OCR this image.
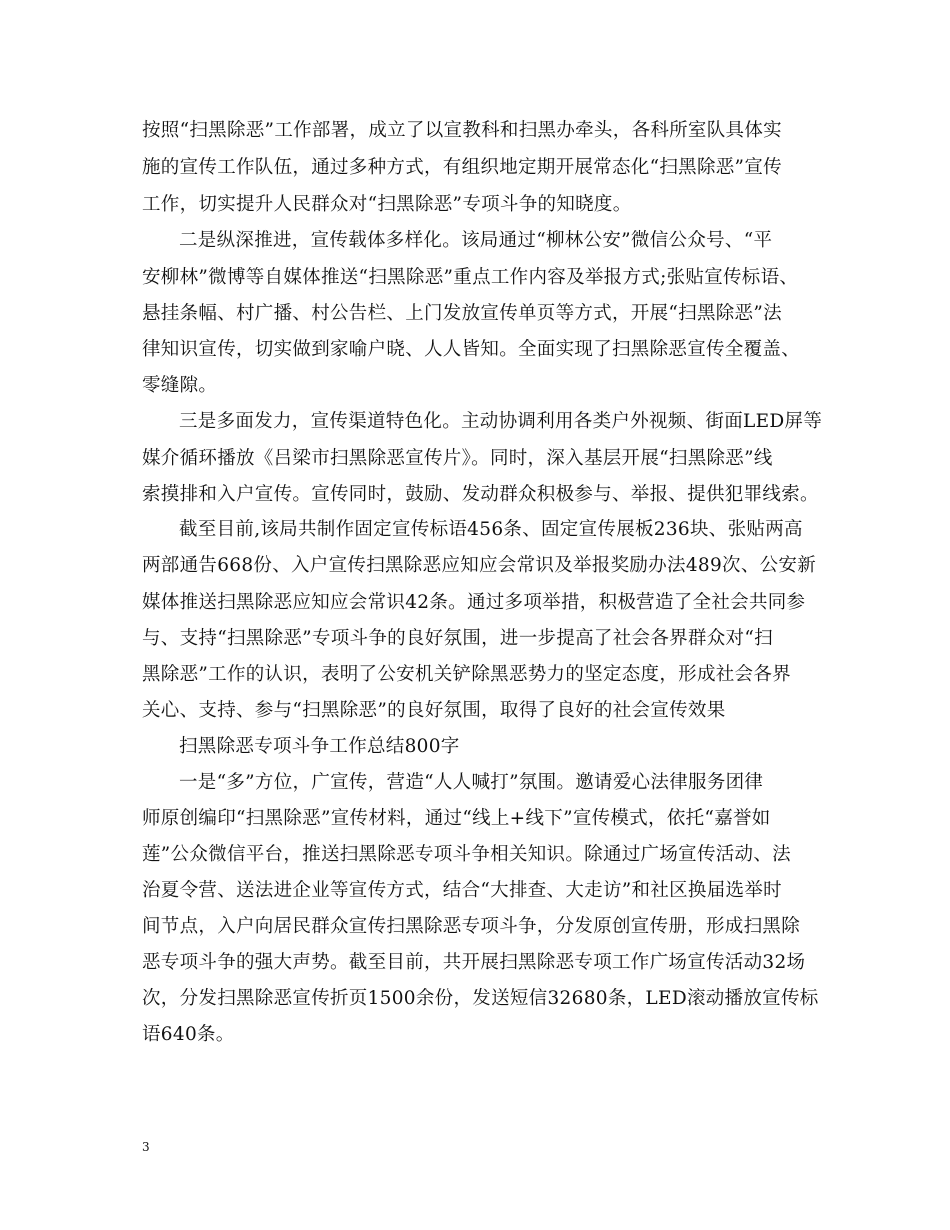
按照“扫黑除恶”工作部署，成立了以宣教科和扫黑办牵头，各科所室队具体实
施的宣传工作队伍，通过多种方式，有组织地定期开展常态化“扫黑除恶”宣传
工作，切实提升人民群众对“扫黑除恶”专项斗争的知晓度。
二是纵深推进，宣传载体多样化。该局通过“柳林公安”微信公众号、“平
安柳林”微博等自媒体推送“扫黑除恶”重点工作内容及举报方式;张贴宣传标语、
悬挂条幅、村广播、村公告栏、上门发放宣传单页等方式，开展“扫黑除恶”法
律知识宣传，切实做到家喻户晓、人人皆知。全面实现了扫黑除恶宣传全覆盖、
零缝隙。
三是多面发力，宣传渠道特色化。主动协调利用各类户外视频、街面LED屏等
媒介循环播放《吕梁市扫黑除恶宣传片》。同时，深入基层开展“扫黑除恶”线
索摸排和入户宣传。宣传同时，鼓励、发动群众积极参与、举报、提供犯罪线索。
截至目前,该局共制作固定宣传标语456条、固定宣传展板236块、张贴两高
两部通告668份、入户宣传扫黑除恶应知应会常识及举报奖励办法489次、公安新
媒体推送扫黑除恶应知应会常识42条。通过多项举措，积极营造了全社会共同参
与、支持“扫黑除恶”专项斗争的良好氛围，进一步提高了社会各界群众对“扫
黑除恶”工作的认识，表明了公安机关铲除黑恶势力的坚定态度，形成社会各界
关心、支持、参与“扫黑除恶”的良好氛围，取得了良好的社会宣传效果
扫黑除恶专项斗争工作总结800字
一是“多”方位，广宣传，营造“人人喊打”氛围。邀请爱心法律服务团律
师原创编印“扫黑除恶”宣传材料，通过“线上+线下”宣传模式，依托“嘉誉如
莲”公众微信平台，推送扫黑除恶专项斗争相关知识。除通过广场宣传活动、法
治夏令营、送法进企业等宣传方式，结合“大排查、大走访”和社区换届选举时
间节点，入户向居民群众宣传扫黑除恶专项斗争，分发原创宣传册，形成扫黑除
恶专项斗争的强大声势。截至目前，共开展扫黑除恶专项工作广场宣传活动32场
次，分发扫黑除恶宣传折页1500余份，发送短信32680条，LED滚动播放宣传标
语640条。
3
